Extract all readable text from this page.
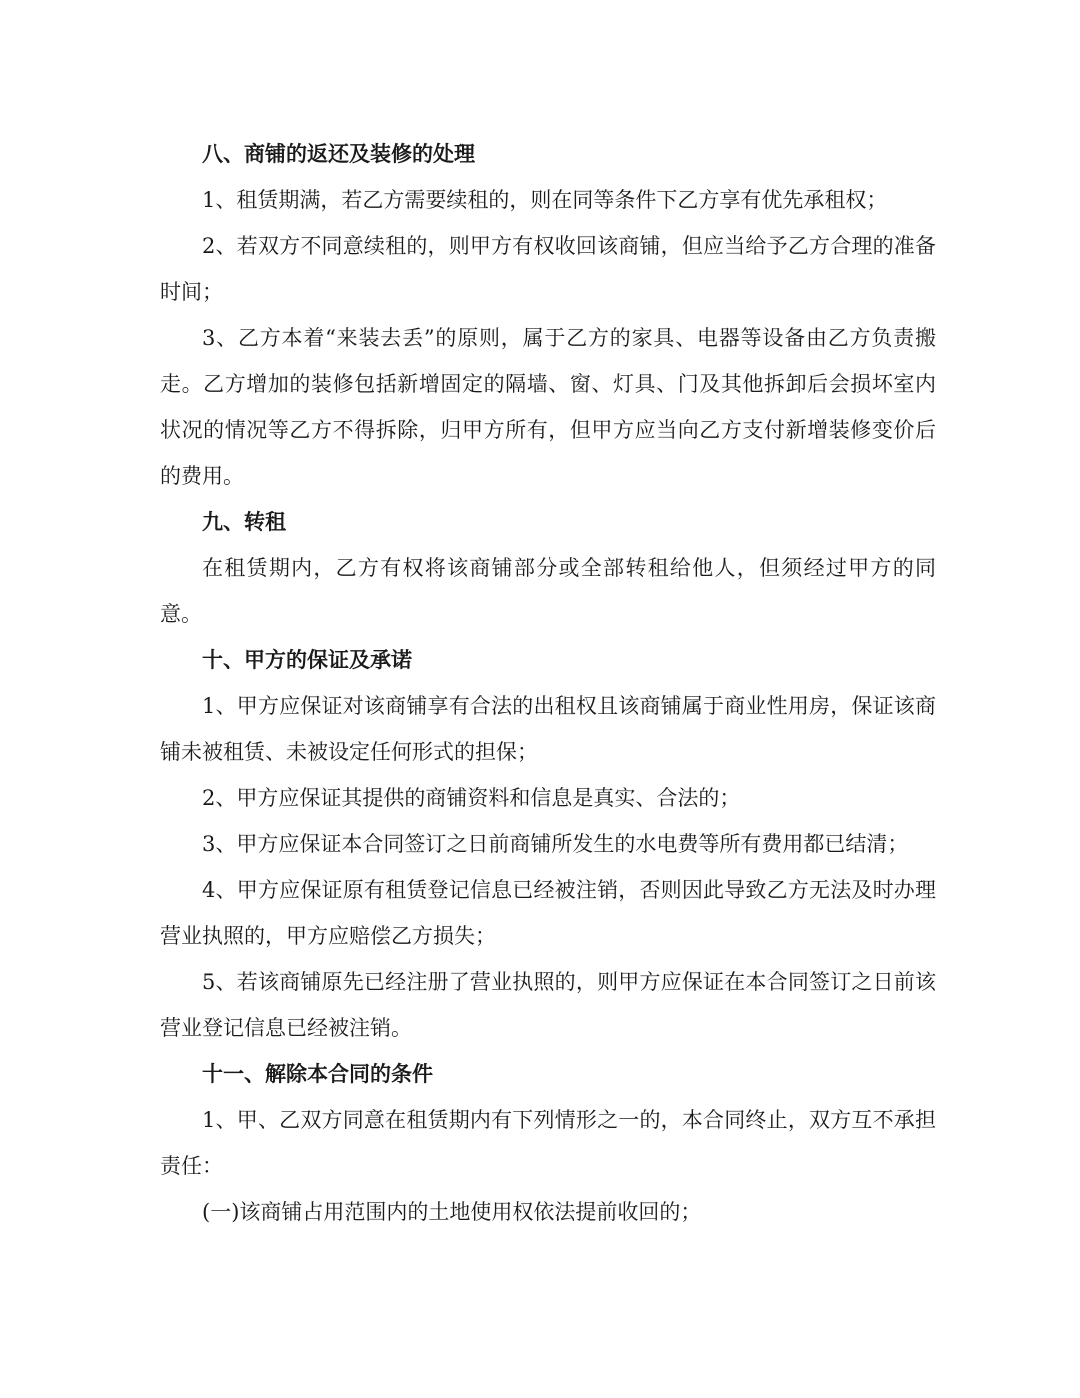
八、商铺的返还及装修的处理

1、租赁期满，若乙方需要续租的，则在同等条件下乙方享有优先承租权；

2、若双方不同意续租的，则甲方有权收回该商铺，但应当给予乙方合理的准备时间；

3、乙方本着“来装去丢”的原则，属于乙方的家具、电器等设备由乙方负责搬走。乙方增加的装修包括新增固定的隔墙、窗、灯具、门及其他拆卸后会损坏室内状况的情况等乙方不得拆除，归甲方所有，但甲方应当向乙方支付新增装修变价后的费用。

九、转租

在租赁期内，乙方有权将该商铺部分或全部转租给他人，但须经过甲方的同意。

十、甲方的保证及承诺

1、甲方应保证对该商铺享有合法的出租权且该商铺属于商业性用房，保证该商铺未被租赁、未被设定任何形式的担保；

2、甲方应保证其提供的商铺资料和信息是真实、合法的；

3、甲方应保证本合同签订之日前商铺所发生的水电费等所有费用都已结清；

4、甲方应保证原有租赁登记信息已经被注销，否则因此导致乙方无法及时办理营业执照的，甲方应赔偿乙方损失；

5、若该商铺原先已经注册了营业执照的，则甲方应保证在本合同签订之日前该营业登记信息已经被注销。

十一、解除本合同的条件

1、甲、乙双方同意在租赁期内有下列情形之一的，本合同终止，双方互不承担责任：

(一)该商铺占用范围内的土地使用权依法提前收回的；
